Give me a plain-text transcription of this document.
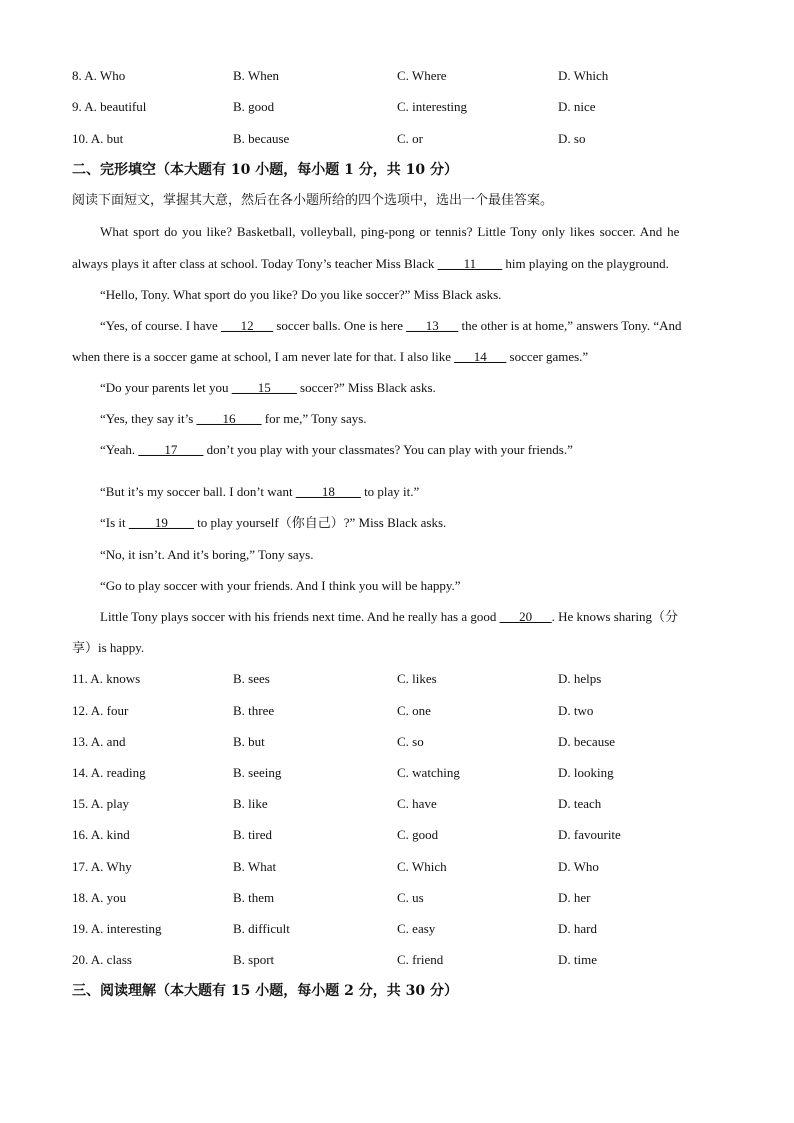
8. A. Who	B. When	C. Where	D. Which
9. A. beautiful	B. good	C. interesting	D. nice
10. A. but	B. because	C. or	D. so
二、完形填空（本大题有 10 小题，每小题 1 分，共 10 分）
阅读下面短文，掌握其大意，然后在各小题所给的四个选项中，选出一个最佳答案。
What sport do you like? Basketball, volleyball, ping-pong or tennis? Little Tony only likes soccer. And he
always plays it after class at school. Today Tony’s teacher Miss Black ____11____ him playing on the playground.
“Hello, Tony. What sport do you like? Do you like soccer?” Miss Black asks.
“Yes, of course. I have ___12___ soccer balls. One is here ___13___ the other is at home,” answers Tony. “And
when there is a soccer game at school, I am never late for that. I also like ___14___ soccer games.”
“Do your parents let you ____15____ soccer?” Miss Black asks.
“Yes, they say it’s ____16____ for me,” Tony says.
“Yeah. ____17____ don’t you play with your classmates? You can play with your friends.”
“But it’s my soccer ball. I don’t want ____18____ to play it.”
“Is it ____19____ to play yourself（你自己）?” Miss Black asks.
“No, it isn’t. And it’s boring,” Tony says.
“Go to play soccer with your friends. And I think you will be happy.”
Little Tony plays soccer with his friends next time. And he really has a good ___20___. He knows sharing（分
享）is happy.
11. A. knows	B. sees	C. likes	D. helps
12. A. four	B. three	C. one	D. two
13. A. and	B. but	C. so	D. because
14. A. reading	B. seeing	C. watching	D. looking
15. A. play	B. like	C. have	D. teach
16. A. kind	B. tired	C. good	D. favourite
17. A. Why	B. What	C. Which	D. Who
18. A. you	B. them	C. us	D. her
19. A. interesting	B. difficult	C. easy	D. hard
20. A. class	B. sport	C. friend	D. time
三、阅读理解（本大题有 15 小题，每小题 2 分，共 30 分）
